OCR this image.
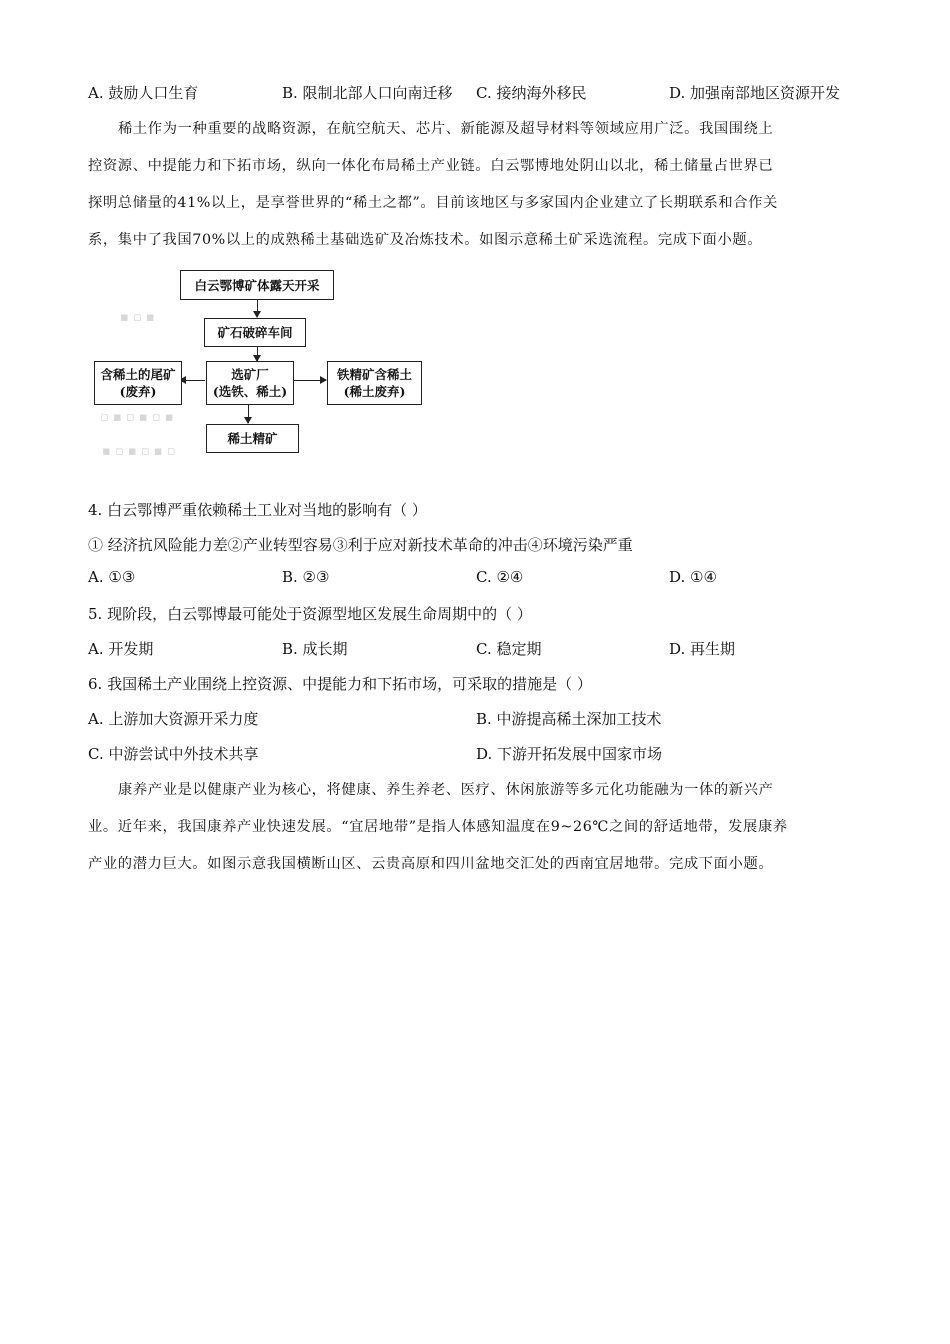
A. 鼓励人口生育	B. 限制北部人口向南迁移 C. 接纳海外移民	D. 加强南部地区资源开发
稀土作为一种重要的战略资源，在航空航天、芯片、新能源及超导材料等领域应用广泛。我国围绕上
控资源、中提能力和下拓市场，纵向一体化布局稀土产业链。白云鄂博地处阴山以北，稀土储量占世界已
探明总储量的41%以上，是享誉世界的“稀土之都”。目前该地区与多家国内企业建立了长期联系和合作关
系，集中了我国70%以上的成熟稀土基础选矿及冶炼技术。如图示意稀土矿采选流程。完成下面小题。
▪ ▫ ▪
▫ ▪ ▫ ▪ ▫ ▪
▪ ▫ ▪ ▫ ▪ ▫
白云鄂博矿体露天开采
矿石破碎车间
选矿厂
(选铁、稀土)
含稀土的尾矿
(废弃)
铁精矿含稀土
(稀土废弃)
稀土精矿
4. 白云鄂博严重依赖稀土工业对当地的影响有（ ）
① 经济抗风险能力差②产业转型容易③利于应对新技术革命的冲击④环境污染严重
A. ①③	B. ②③	C. ②④	D. ①④
5. 现阶段，白云鄂博最可能处于资源型地区发展生命周期中的（ ）
A. 开发期	B. 成长期	C. 稳定期	D. 再生期
6. 我国稀土产业围绕上控资源、中提能力和下拓市场，可采取的措施是（ ）
A. 上游加大资源开采力度	B. 中游提高稀土深加工技术
C. 中游尝试中外技术共享	D. 下游开拓发展中国家市场
康养产业是以健康产业为核心，将健康、养生养老、医疗、休闲旅游等多元化功能融为一体的新兴产
业。近年来，我国康养产业快速发展。“宜居地带”是指人体感知温度在9~26℃之间的舒适地带，发展康养
产业的潜力巨大。如图示意我国横断山区、云贵高原和四川盆地交汇处的西南宜居地带。完成下面小题。
